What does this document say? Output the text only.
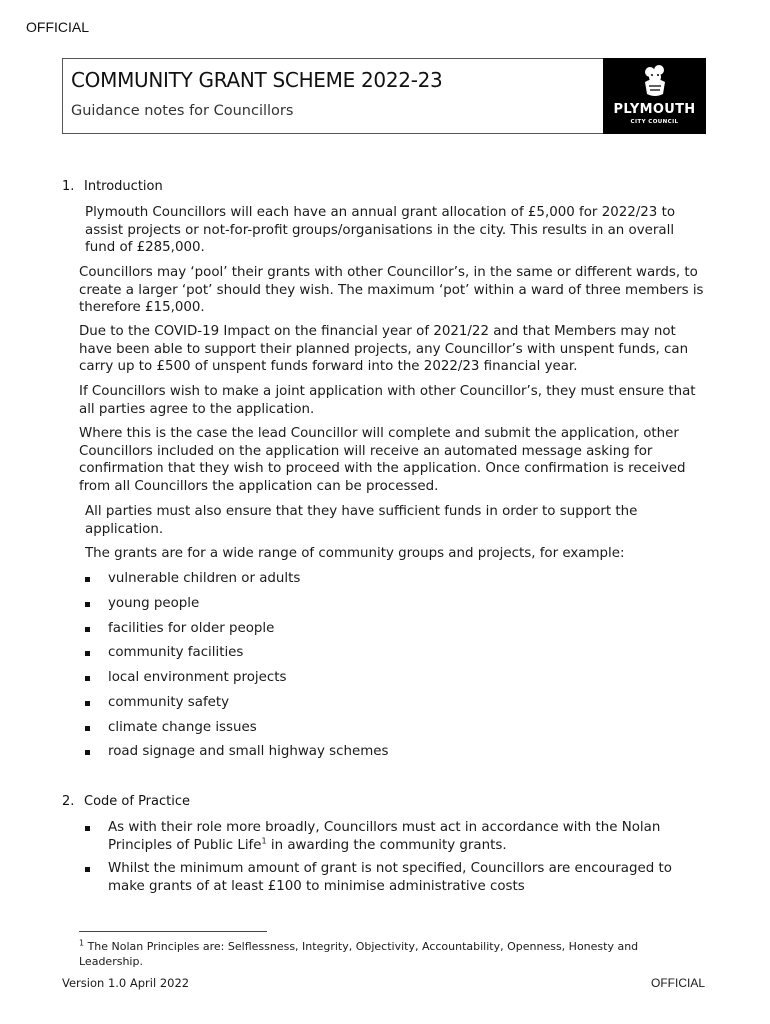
OFFICIAL
COMMUNITY GRANT SCHEME 2022-23
Guidance notes for Councillors	PLYMOUTH
CITY COUNCIL
1. Introduction
Plymouth Councillors will each have an annual grant allocation of £5,000 for 2022/23 to assist projects or not-for-profit groups/organisations in the city. This results in an overall fund of £285,000.
Councillors may ‘pool’ their grants with other Councillor’s, in the same or different wards, to create a larger ‘pot’ should they wish. The maximum ‘pot’ within a ward of three members is therefore £15,000.
Due to the COVID-19 Impact on the financial year of 2021/22 and that Members may not have been able to support their planned projects, any Councillor’s with unspent funds, can carry up to £500 of unspent funds forward into the 2022/23 financial year.
If Councillors wish to make a joint application with other Councillor’s, they must ensure that all parties agree to the application.
Where this is the case the lead Councillor will complete and submit the application, other Councillors included on the application will receive an automated message asking for confirmation that they wish to proceed with the application. Once confirmation is received from all Councillors the application can be processed.
All parties must also ensure that they have sufficient funds in order to support the application.
The grants are for a wide range of community groups and projects, for example:
vulnerable children or adults
young people
facilities for older people
community facilities
local environment projects
community safety
climate change issues
road signage and small highway schemes
2. Code of Practice
As with their role more broadly, Councillors must act in accordance with the Nolan Principles of Public Life$^1$ in awarding the community grants.
Whilst the minimum amount of grant is not specified, Councillors are encouraged to make grants of at least £100 to minimise administrative costs
$^1$ The Nolan Principles are: Selflessness, Integrity, Objectivity, Accountability, Openness, Honesty and Leadership.
Version 1.0 April 2022	OFFICIAL
